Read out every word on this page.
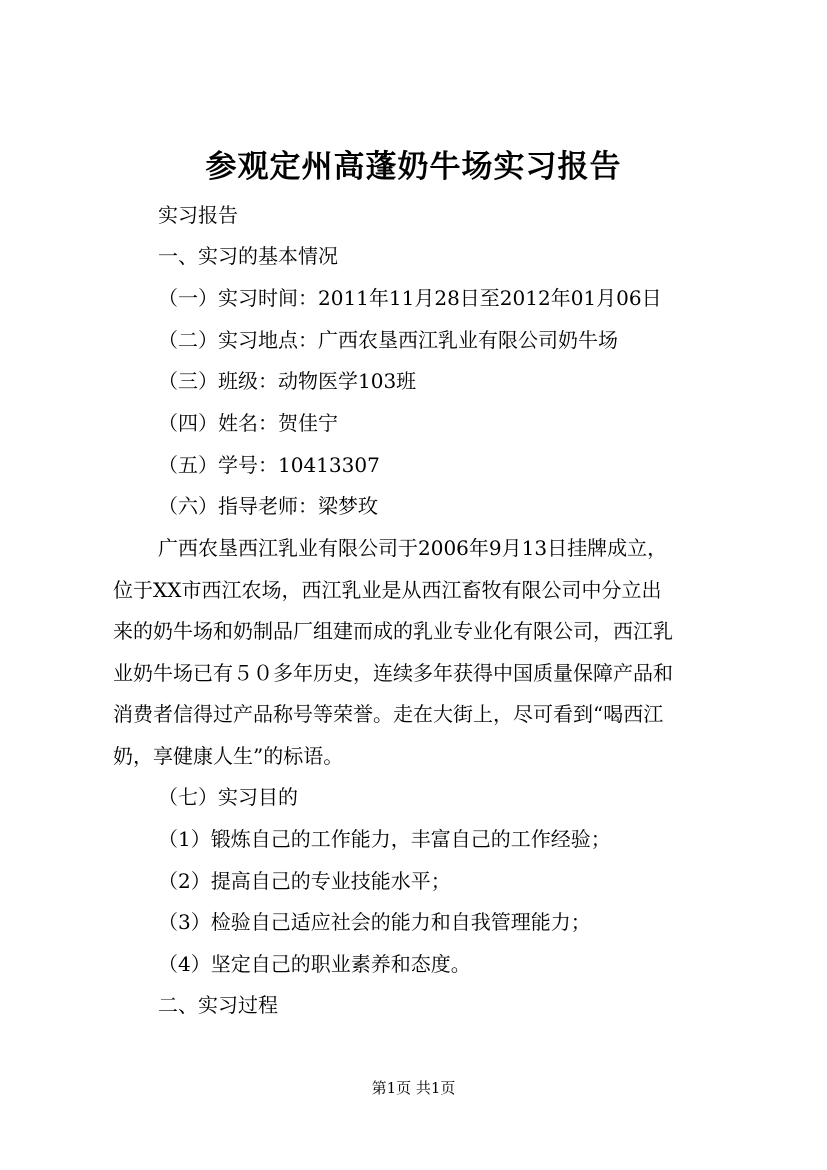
参观定州高蓬奶牛场实习报告
实习报告
一、实习的基本情况
（一）实习时间：2011年11月28日至2012年01月06日
（二）实习地点：广西农垦西江乳业有限公司奶牛场
（三）班级：动物医学103班
（四）姓名：贺佳宁
（五）学号：10413307
（六）指导老师：梁梦玫
广西农垦西江乳业有限公司于2006年9月13日挂牌成立，
位于XX市西江农场，西江乳业是从西江畜牧有限公司中分立出
来的奶牛场和奶制品厂组建而成的乳业专业化有限公司，西江乳
业奶牛场已有５０多年历史，连续多年获得中国质量保障产品和
消费者信得过产品称号等荣誉。走在大街上，尽可看到“喝西江
奶，享健康人生”的标语。
（七）实习目的
（1）锻炼自己的工作能力，丰富自己的工作经验；
（2）提高自己的专业技能水平；
（3）检验自己适应社会的能力和自我管理能力；
（4）坚定自己的职业素养和态度。
二、实习过程
第1页 共1页
